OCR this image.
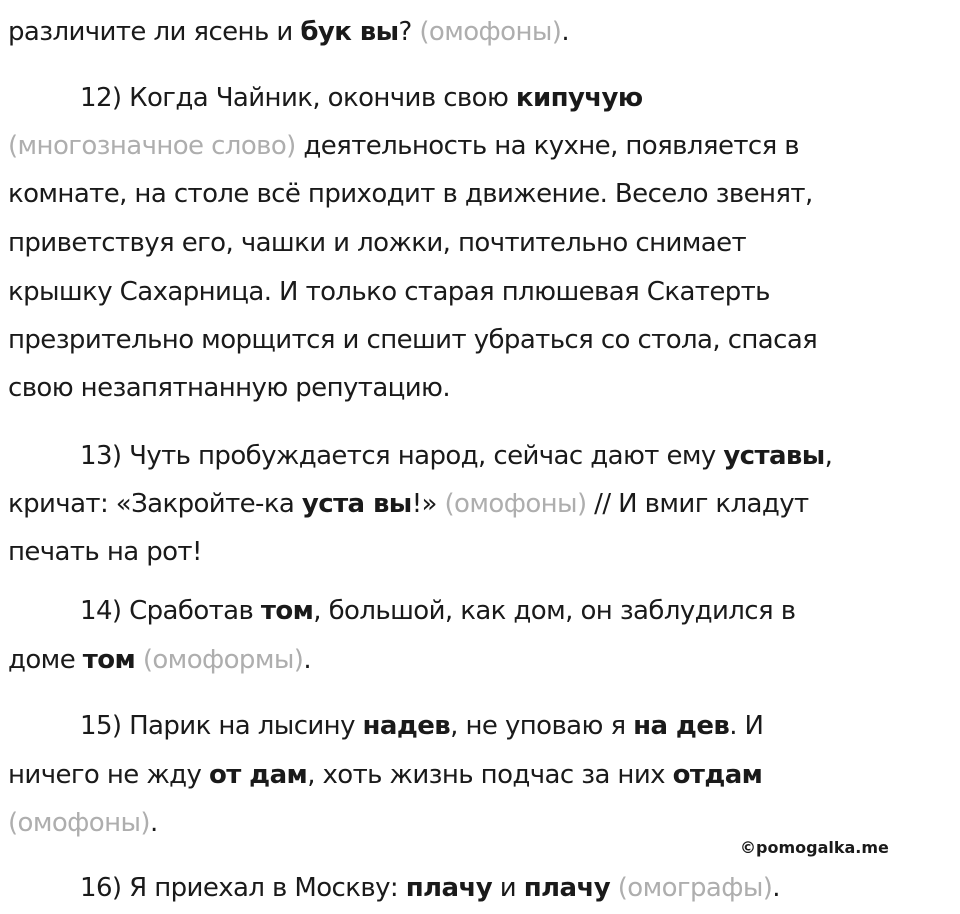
различите ли ясень и бук вы? (омофоны).
12) Когда Чайник, окончив свою кипучую
(многозначное слово) деятельность на кухне, появляется в
комнате, на столе всё приходит в движение. Весело звенят,
приветствуя его, чашки и ложки, почтительно снимает
крышку Сахарница. И только старая плюшевая Скатерть
презрительно морщится и спешит убраться со стола, спасая
свою незапятнанную репутацию.
13) Чуть пробуждается народ, сейчас дают ему уставы,
кричат: «Закройте-ка уста вы!» (омофоны) // И вмиг кладут
печать на рот!
14) Сработав том, большой, как дом, он заблудился в
доме том (омоформы).
15) Парик на лысину надев, не уповаю я на дев. И
ничего не жду от дам, хоть жизнь подчас за них отдам
(омофоны).
16) Я приехал в Москву: плачу и плачу (омографы).
©pomogalka.me
